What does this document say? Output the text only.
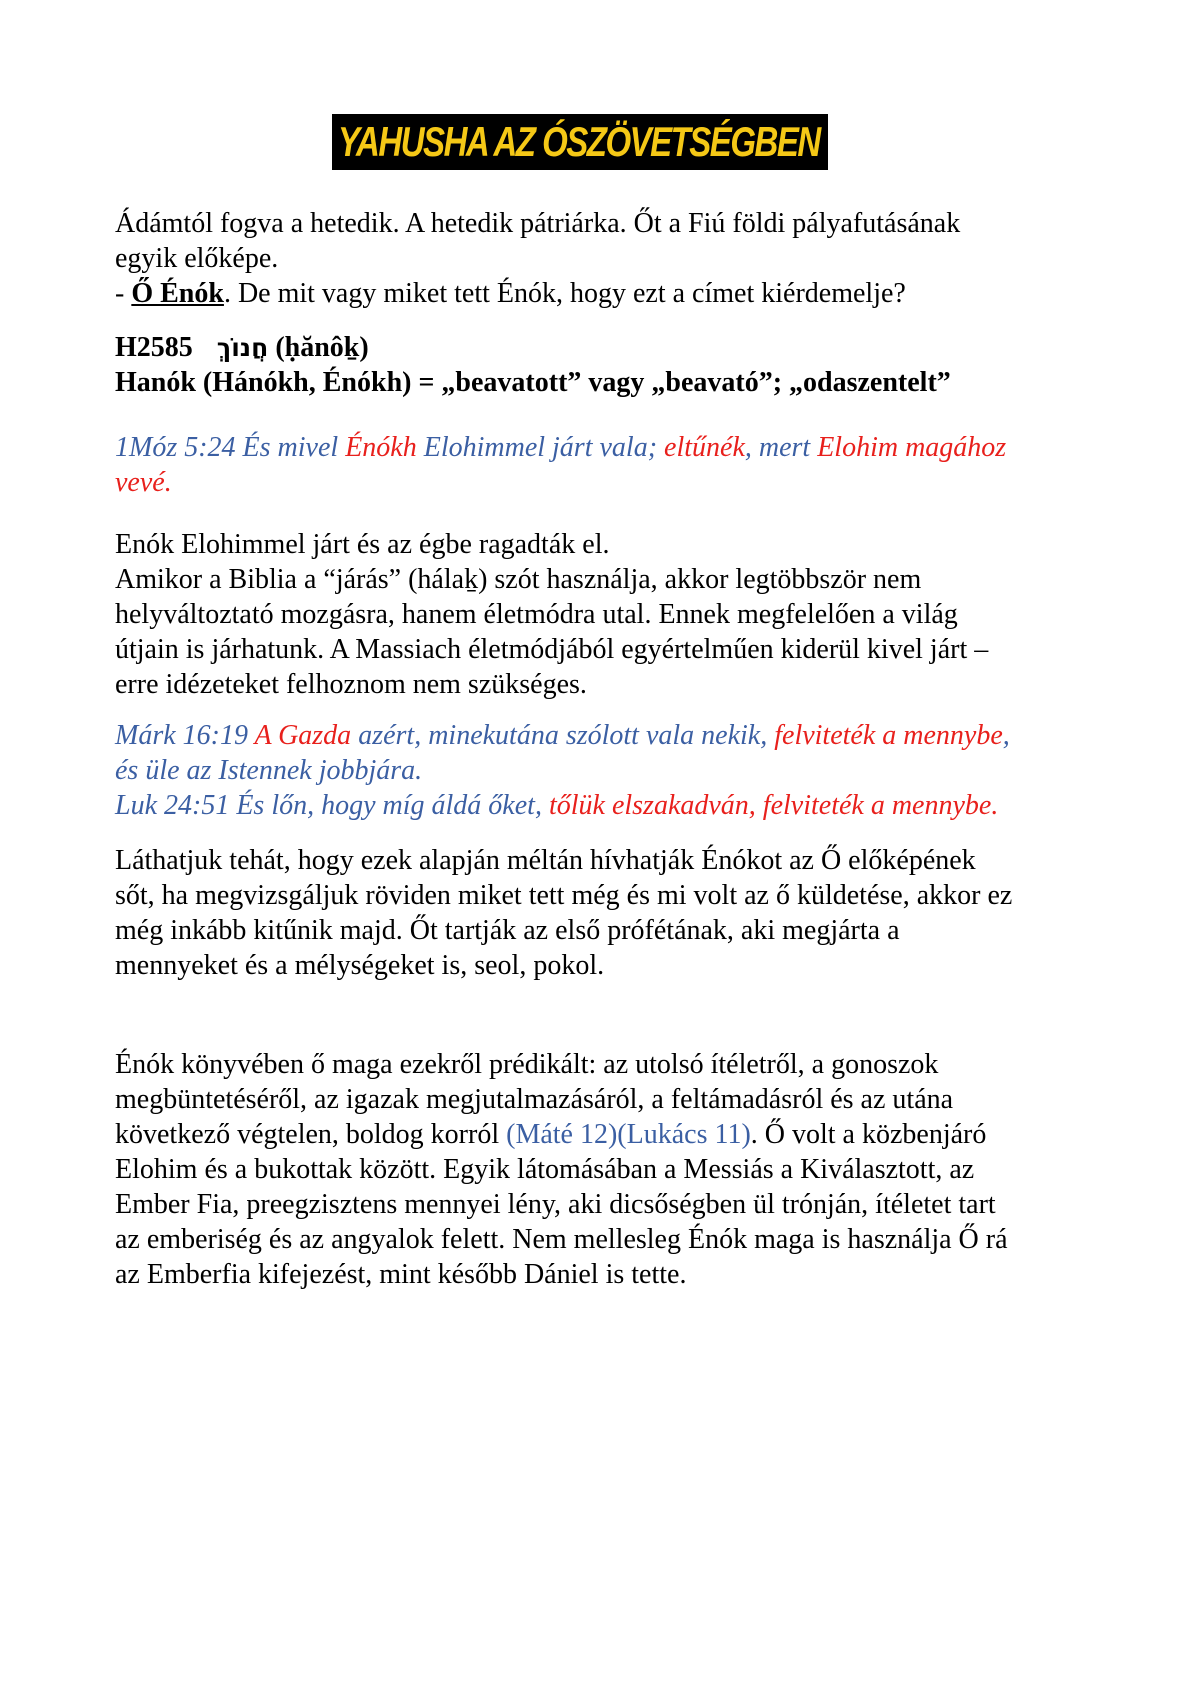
YAHUSHA AZ ÓSZÖVETSÉGBEN
Ádámtól fogva a hetedik. A hetedik pátriárka. Őt a Fiú földi pályafutásának
egyik előképe.
- Ő Énók. De mit vagy miket tett Énók, hogy ezt a címet kiérdemelje?
H2585 חֲנוֹךְ (ḥănôḵ)
Hanók (Hánókh, Énókh) = „beavatott” vagy „beavató”; „odaszentelt”
1Móz 5:24 És mivel Énókh Elohimmel járt vala; eltűnék, mert Elohim magához
vevé.
Enók Elohimmel járt és az égbe ragadták el.
Amikor a Biblia a “járás” (hálaḵ) szót használja, akkor legtöbbször nem
helyváltoztató mozgásra, hanem életmódra utal. Ennek megfelelően a világ
útjain is járhatunk. A Massiach életmódjából egyértelműen kiderül kivel járt –
erre idézeteket felhoznom nem szükséges.
Márk 16:19 A Gazda azért, minekutána szólott vala nekik, felviteték a mennybe,
és üle az Istennek jobbjára.
Luk 24:51 És lőn, hogy míg áldá őket, tőlük elszakadván, felviteték a mennybe.
Láthatjuk tehát, hogy ezek alapján méltán hívhatják Énókot az Ő előképének
sőt, ha megvizsgáljuk röviden miket tett még és mi volt az ő küldetése, akkor ez
még inkább kitűnik majd. Őt tartják az első prófétának, aki megjárta a
mennyeket és a mélységeket is, seol, pokol.
Énók könyvében ő maga ezekről prédikált: az utolsó ítéletről, a gonoszok
megbüntetéséről, az igazak megjutalmazásáról, a feltámadásról és az utána
következő végtelen, boldog korról (Máté 12)(Lukács 11). Ő volt a közbenjáró
Elohim és a bukottak között. Egyik látomásában a Messiás a Kiválasztott, az
Ember Fia, preegzisztens mennyei lény, aki dicsőségben ül trónján, ítéletet tart
az emberiség és az angyalok felett. Nem mellesleg Énók maga is használja Ő rá
az Emberfia kifejezést, mint később Dániel is tette.
